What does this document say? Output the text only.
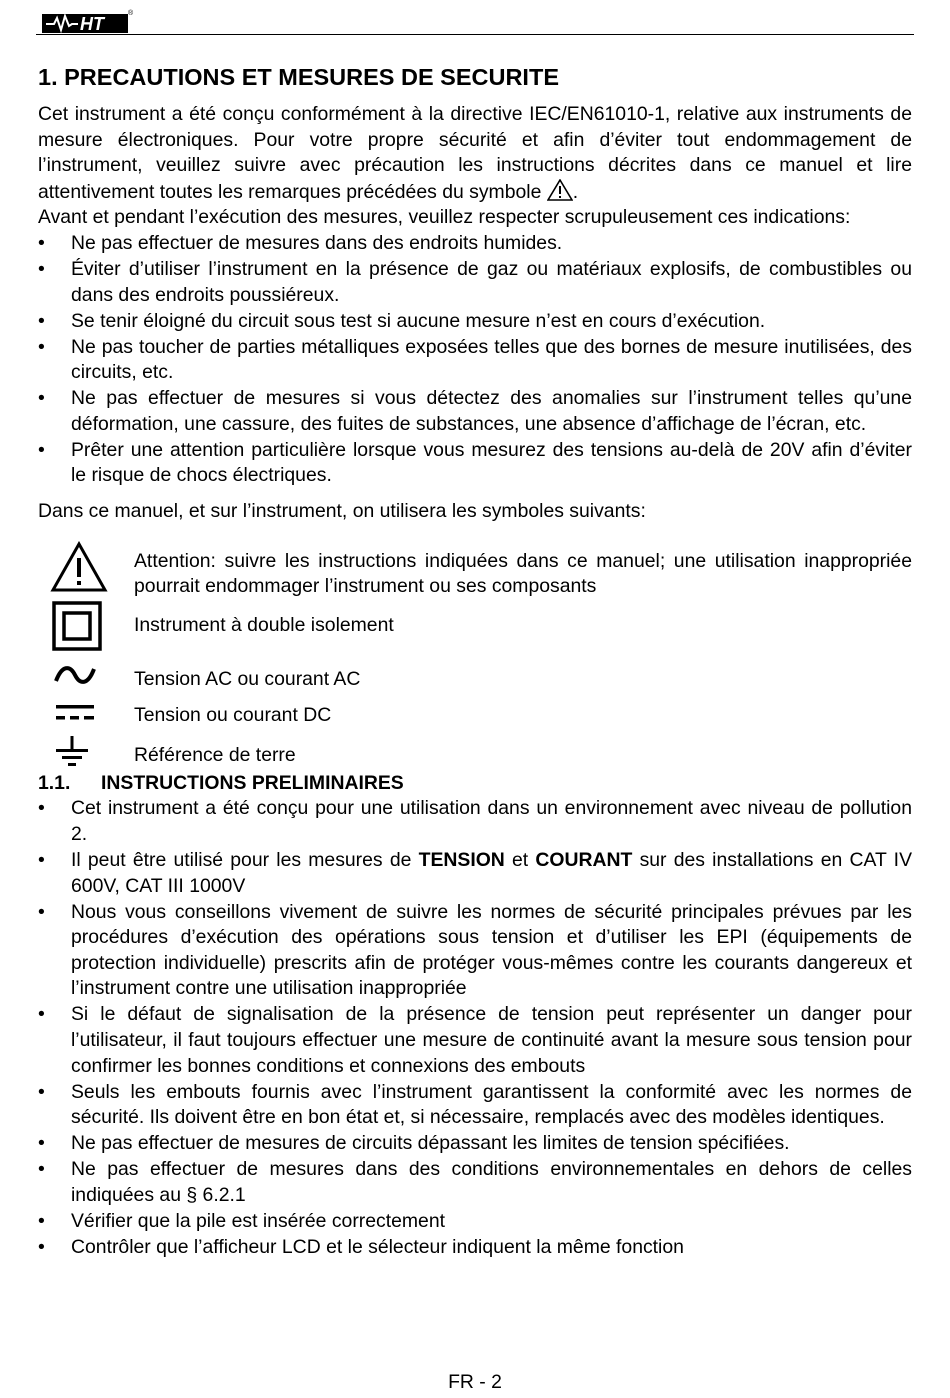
HT
®
1. PRECAUTIONS ET MESURES DE SECURITE

Cet instrument a été conçu conformément à la directive IEC/EN61010-1, relative aux instruments de mesure électroniques. Pour votre propre sécurité et afin d’éviter tout endommagement de l’instrument, veuillez suivre avec précaution les instructions décrites dans ce manuel et lire attentivement toutes les remarques précédées du symbole .

Avant et pendant l’exécution des mesures, veuillez respecter scrupuleusement ces indications:

• Ne pas effectuer de mesures dans des endroits humides.
• Éviter d’utiliser l’instrument en la présence de gaz ou matériaux explosifs, de combustibles ou dans des endroits poussiéreux.
• Se tenir éloigné du circuit sous test si aucune mesure n’est en cours d’exécution.
• Ne pas toucher de parties métalliques exposées telles que des bornes de mesure inutilisées, des circuits, etc.
• Ne pas effectuer de mesures si vous détectez des anomalies sur l’instrument telles qu’une déformation, une cassure, des fuites de substances, une absence d’affichage de l’écran, etc.
• Prêter une attention particulière lorsque vous mesurez des tensions au-delà de 20V afin d’éviter le risque de chocs électriques.

Dans ce manuel, et sur l’instrument, on utilisera les symboles suivants:

Attention: suivre les instructions indiquées dans ce manuel; une utilisation inappropriée pourrait endommager l’instrument ou ses composants

Instrument à double isolement

Tension AC ou courant AC

Tension ou courant DC

Référence de terre

1.1. INSTRUCTIONS PRELIMINAIRES
• Cet instrument a été conçu pour une utilisation dans un environnement avec niveau de pollution 2.
• Il peut être utilisé pour les mesures de TENSION et COURANT sur des installations en CAT IV 600V, CAT III 1000V
• Nous vous conseillons vivement de suivre les normes de sécurité principales prévues par les procédures d’exécution des opérations sous tension et d’utiliser les EPI (équipements de protection individuelle) prescrits afin de protéger vous-mêmes contre les courants dangereux et l’instrument contre une utilisation inappropriée
• Si le défaut de signalisation de la présence de tension peut représenter un danger pour l’utilisateur, il faut toujours effectuer une mesure de continuité avant la mesure sous tension pour confirmer les bonnes conditions et connexions des embouts
• Seuls les embouts fournis avec l’instrument garantissent la conformité avec les normes de sécurité. Ils doivent être en bon état et, si nécessaire, remplacés avec des modèles identiques.
• Ne pas effectuer de mesures de circuits dépassant les limites de tension spécifiées.
• Ne pas effectuer de mesures dans des conditions environnementales en dehors de celles indiquées au § 6.2.1
• Vérifier que la pile est insérée correctement
• Contrôler que l’afficheur LCD et le sélecteur indiquent la même fonction
FR - 2
